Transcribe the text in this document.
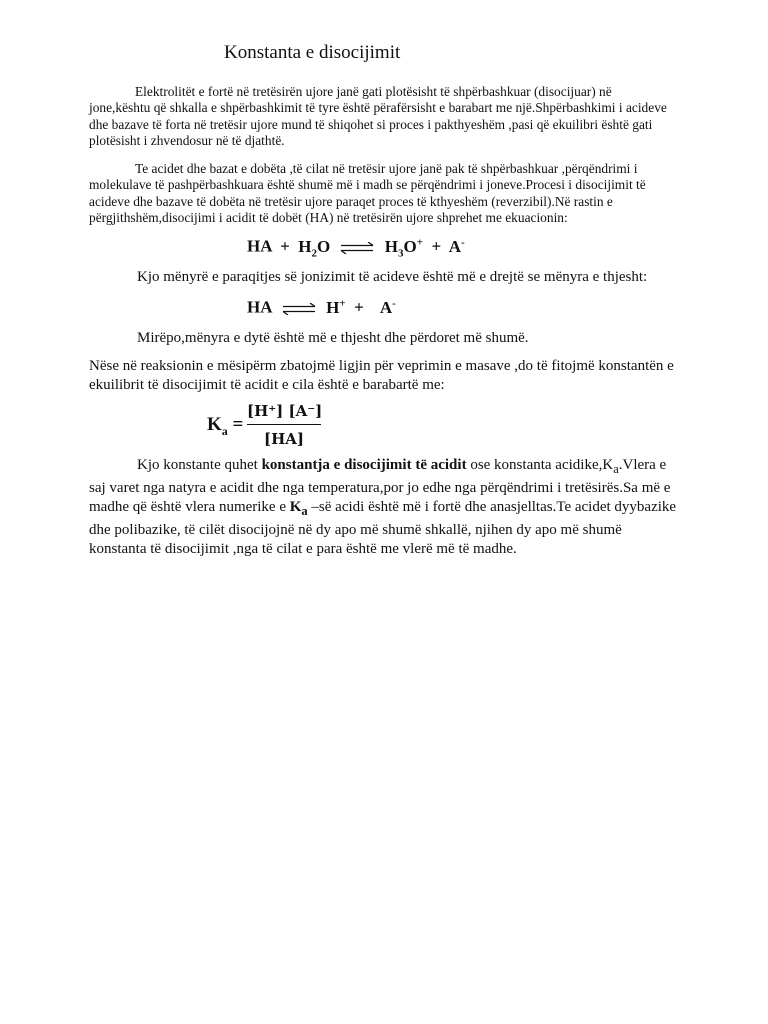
Konstanta e disocijimit

Elektrolitët e fortë në tretësirën ujore janë gati plotësisht të shpërbashkuar (disocijuar) në jone,kështu që shkalla e shpërbashkimit të tyre është përafërsisht e barabart me një.Shpërbashkimi i acideve dhe bazave të forta në tretësir ujore mund të shiqohet si proces i pakthyeshëm ,pasi që ekuilibri është gati plotësisht i zhvendosur në të djathtë.

Te acidet dhe bazat e dobëta ,të cilat në tretësir ujore janë pak të shpërbashkuar ,përqëndrimi i molekulave të pashpërbashkuara është shumë më i madh se përqëndrimi i joneve.Procesi i disocijimit të acideve dhe bazave të dobëta në tretësir ujore paraqet proces të kthyeshëm (reverzibil).Në rastin e përgjithshëm,disocijimi i acidit të dobët (HA) në tretësirën ujore shprehet me ekuacionin:

HA + $H_2O$ ⇌ $H_3O^+ + A^-$

Kjo mënyrë e paraqitjes së jonizimit të acideve është më e drejtë se mënyra e thjesht:

HA ⇌ H+ + A-

Mirëpo,mënyra e dytë është më e thjesht dhe përdoret më shumë.

Nëse në reaksionin e mësipërm zbatojmë ligjin për veprimin e masave ,do të fitojmë konstantën e ekuilibrit të disocijimit të acidit e cila është e barabartë me:

$K_a$ =
[H⁺] [A⁻]
[HA]

Kjo konstante quhet konstantja e disocijimit të acidit ose konstanta $acidike,K_a.Vlera$ e saj varet nga natyra e acidit dhe nga temperatura,por jo edhe nga përqëndrimi i tretësirës.Sa më e madhe që është vlera numerike e $K_a$ –së acidi është më i fortë dhe anasjelltas.Te acidet dyybazike dhe polibazike, të cilët disocijojnë në dy apo më shumë shkallë, njihen dy apo më shumë konstanta të disocijimit ,nga të cilat e para është me vlerë më të madhe.
